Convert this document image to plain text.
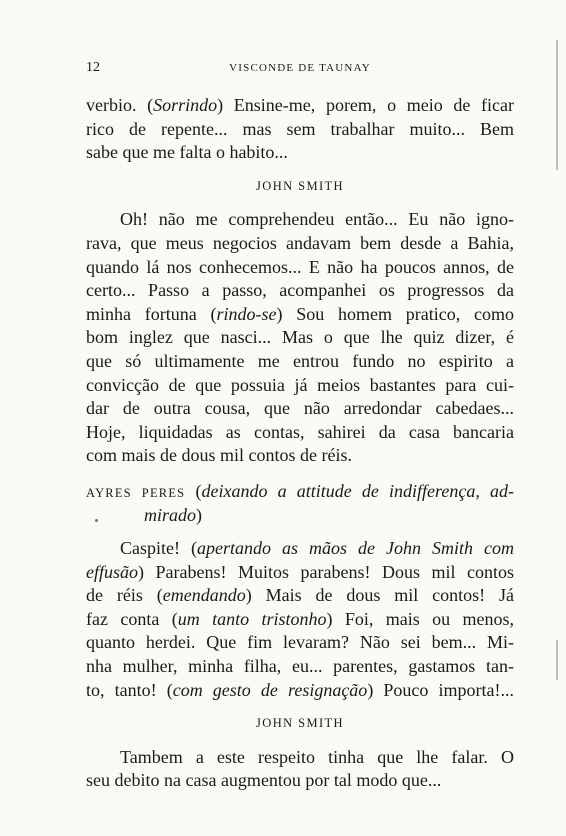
12	VISCONDE DE TAUNAY
verbio. (Sorrindo) Ensine-me, porem, o meio de ficar
rico de repente... mas sem trabalhar muito... Bem
sabe que me falta o habito...
JOHN SMITH
Oh! não me comprehendeu então... Eu não igno-
rava, que meus negocios andavam bem desde a Bahia,
quando lá nos conhecemos... E não ha poucos annos, de
certo... Passo a passo, acompanhei os progressos da
minha fortuna (rindo-se) Sou homem pratico, como
bom inglez que nasci... Mas o que lhe quiz dizer, é
que só ultimamente me entrou fundo no espirito a
convicção de que possuia já meios bastantes para cui-
dar de outra cousa, que não arredondar cabedaes...
Hoje, liquidadas as contas, sahirei da casa bancaria
com mais de dous mil contos de réis.
AYRES PERES (deixando a attitude de indifferença, ad-
mirado)
Caspite! (apertando as mãos de John Smith com
effusão) Parabens! Muitos parabens! Dous mil contos
de réis (emendando) Mais de dous mil contos! Já
faz conta (um tanto tristonho) Foi, mais ou menos,
quanto herdei. Que fim levaram? Não sei bem... Mi-
nha mulher, minha filha, eu... parentes, gastamos tan-
to, tanto! (com gesto de resignação) Pouco importa!...
JOHN SMITH
Tambem a este respeito tinha que lhe falar. O
seu debito na casa augmentou por tal modo que...
